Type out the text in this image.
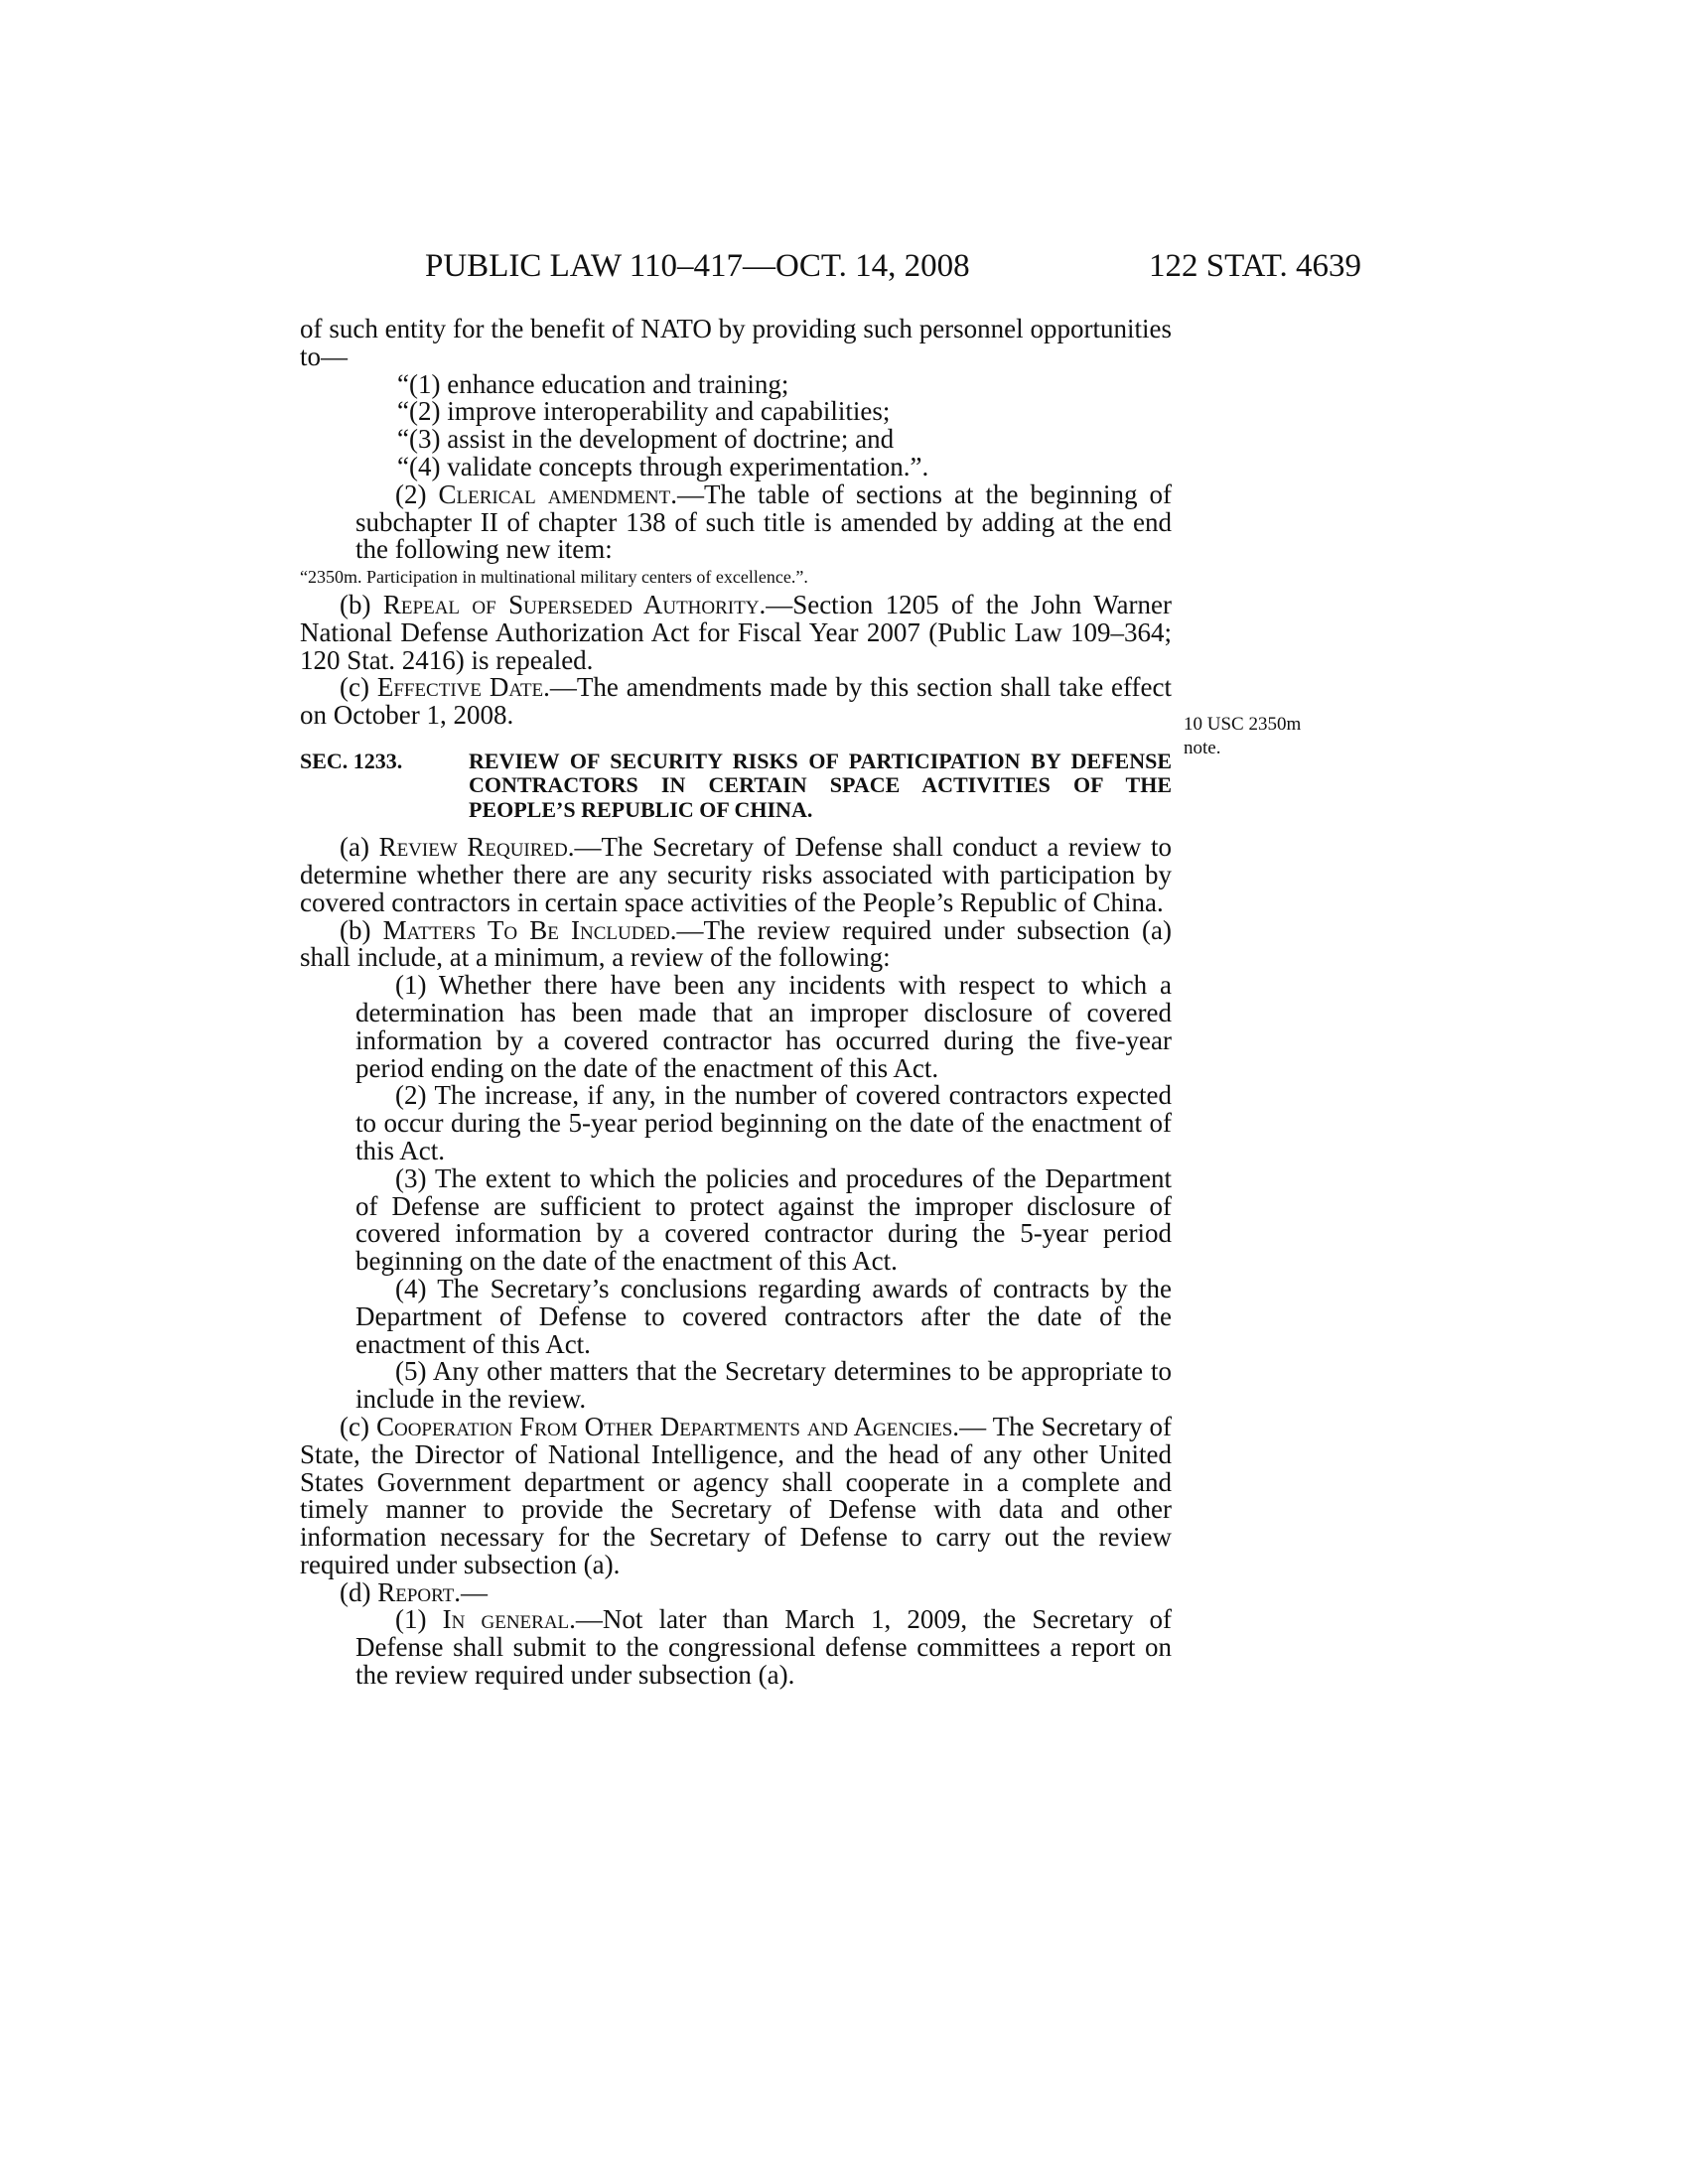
PUBLIC LAW 110–417—OCT. 14, 2008	122 STAT. 4639
10 USC 2350m
note.

of such entity for the benefit of NATO by providing such personnel opportunities to—

“(1) enhance education and training;

“(2) improve interoperability and capabilities;

“(3) assist in the development of doctrine; and

“(4) validate concepts through experimentation.”.

(2) Clerical amendment.—The table of sections at the beginning of subchapter II of chapter 138 of such title is amended by adding at the end the following new item:

“2350m. Participation in multinational military centers of excellence.”.

(b) Repeal of Superseded Authority.—Section 1205 of the John Warner National Defense Authorization Act for Fiscal Year 2007 (Public Law 109–364; 120 Stat. 2416) is repealed.

(c) Effective Date.—The amendments made by this section shall take effect on October 1, 2008.

SEC. 1233.	REVIEW OF SECURITY RISKS OF PARTICIPATION BY DEFENSE CONTRACTORS IN CERTAIN SPACE ACTIVITIES OF THE PEOPLE’S REPUBLIC OF CHINA.

(a) Review Required.—The Secretary of Defense shall conduct a review to determine whether there are any security risks associated with participation by covered contractors in certain space activities of the People’s Republic of China.

(b) Matters To Be Included.—The review required under subsection (a) shall include, at a minimum, a review of the following:

(1) Whether there have been any incidents with respect to which a determination has been made that an improper disclosure of covered information by a covered contractor has occurred during the five-year period ending on the date of the enactment of this Act.

(2) The increase, if any, in the number of covered contractors expected to occur during the 5-year period beginning on the date of the enactment of this Act.

(3) The extent to which the policies and procedures of the Department of Defense are sufficient to protect against the improper disclosure of covered information by a covered contractor during the 5-year period beginning on the date of the enactment of this Act.

(4) The Secretary’s conclusions regarding awards of contracts by the Department of Defense to covered contractors after the date of the enactment of this Act.

(5) Any other matters that the Secretary determines to be appropriate to include in the review.

(c) Cooperation From Other Departments and Agencies.— The Secretary of State, the Director of National Intelligence, and the head of any other United States Government department or agency shall cooperate in a complete and timely manner to provide the Secretary of Defense with data and other information necessary for the Secretary of Defense to carry out the review required under subsection (a).

(d) Report.—

(1) In general.—Not later than March 1, 2009, the Secretary of Defense shall submit to the congressional defense committees a report on the review required under subsection (a).
